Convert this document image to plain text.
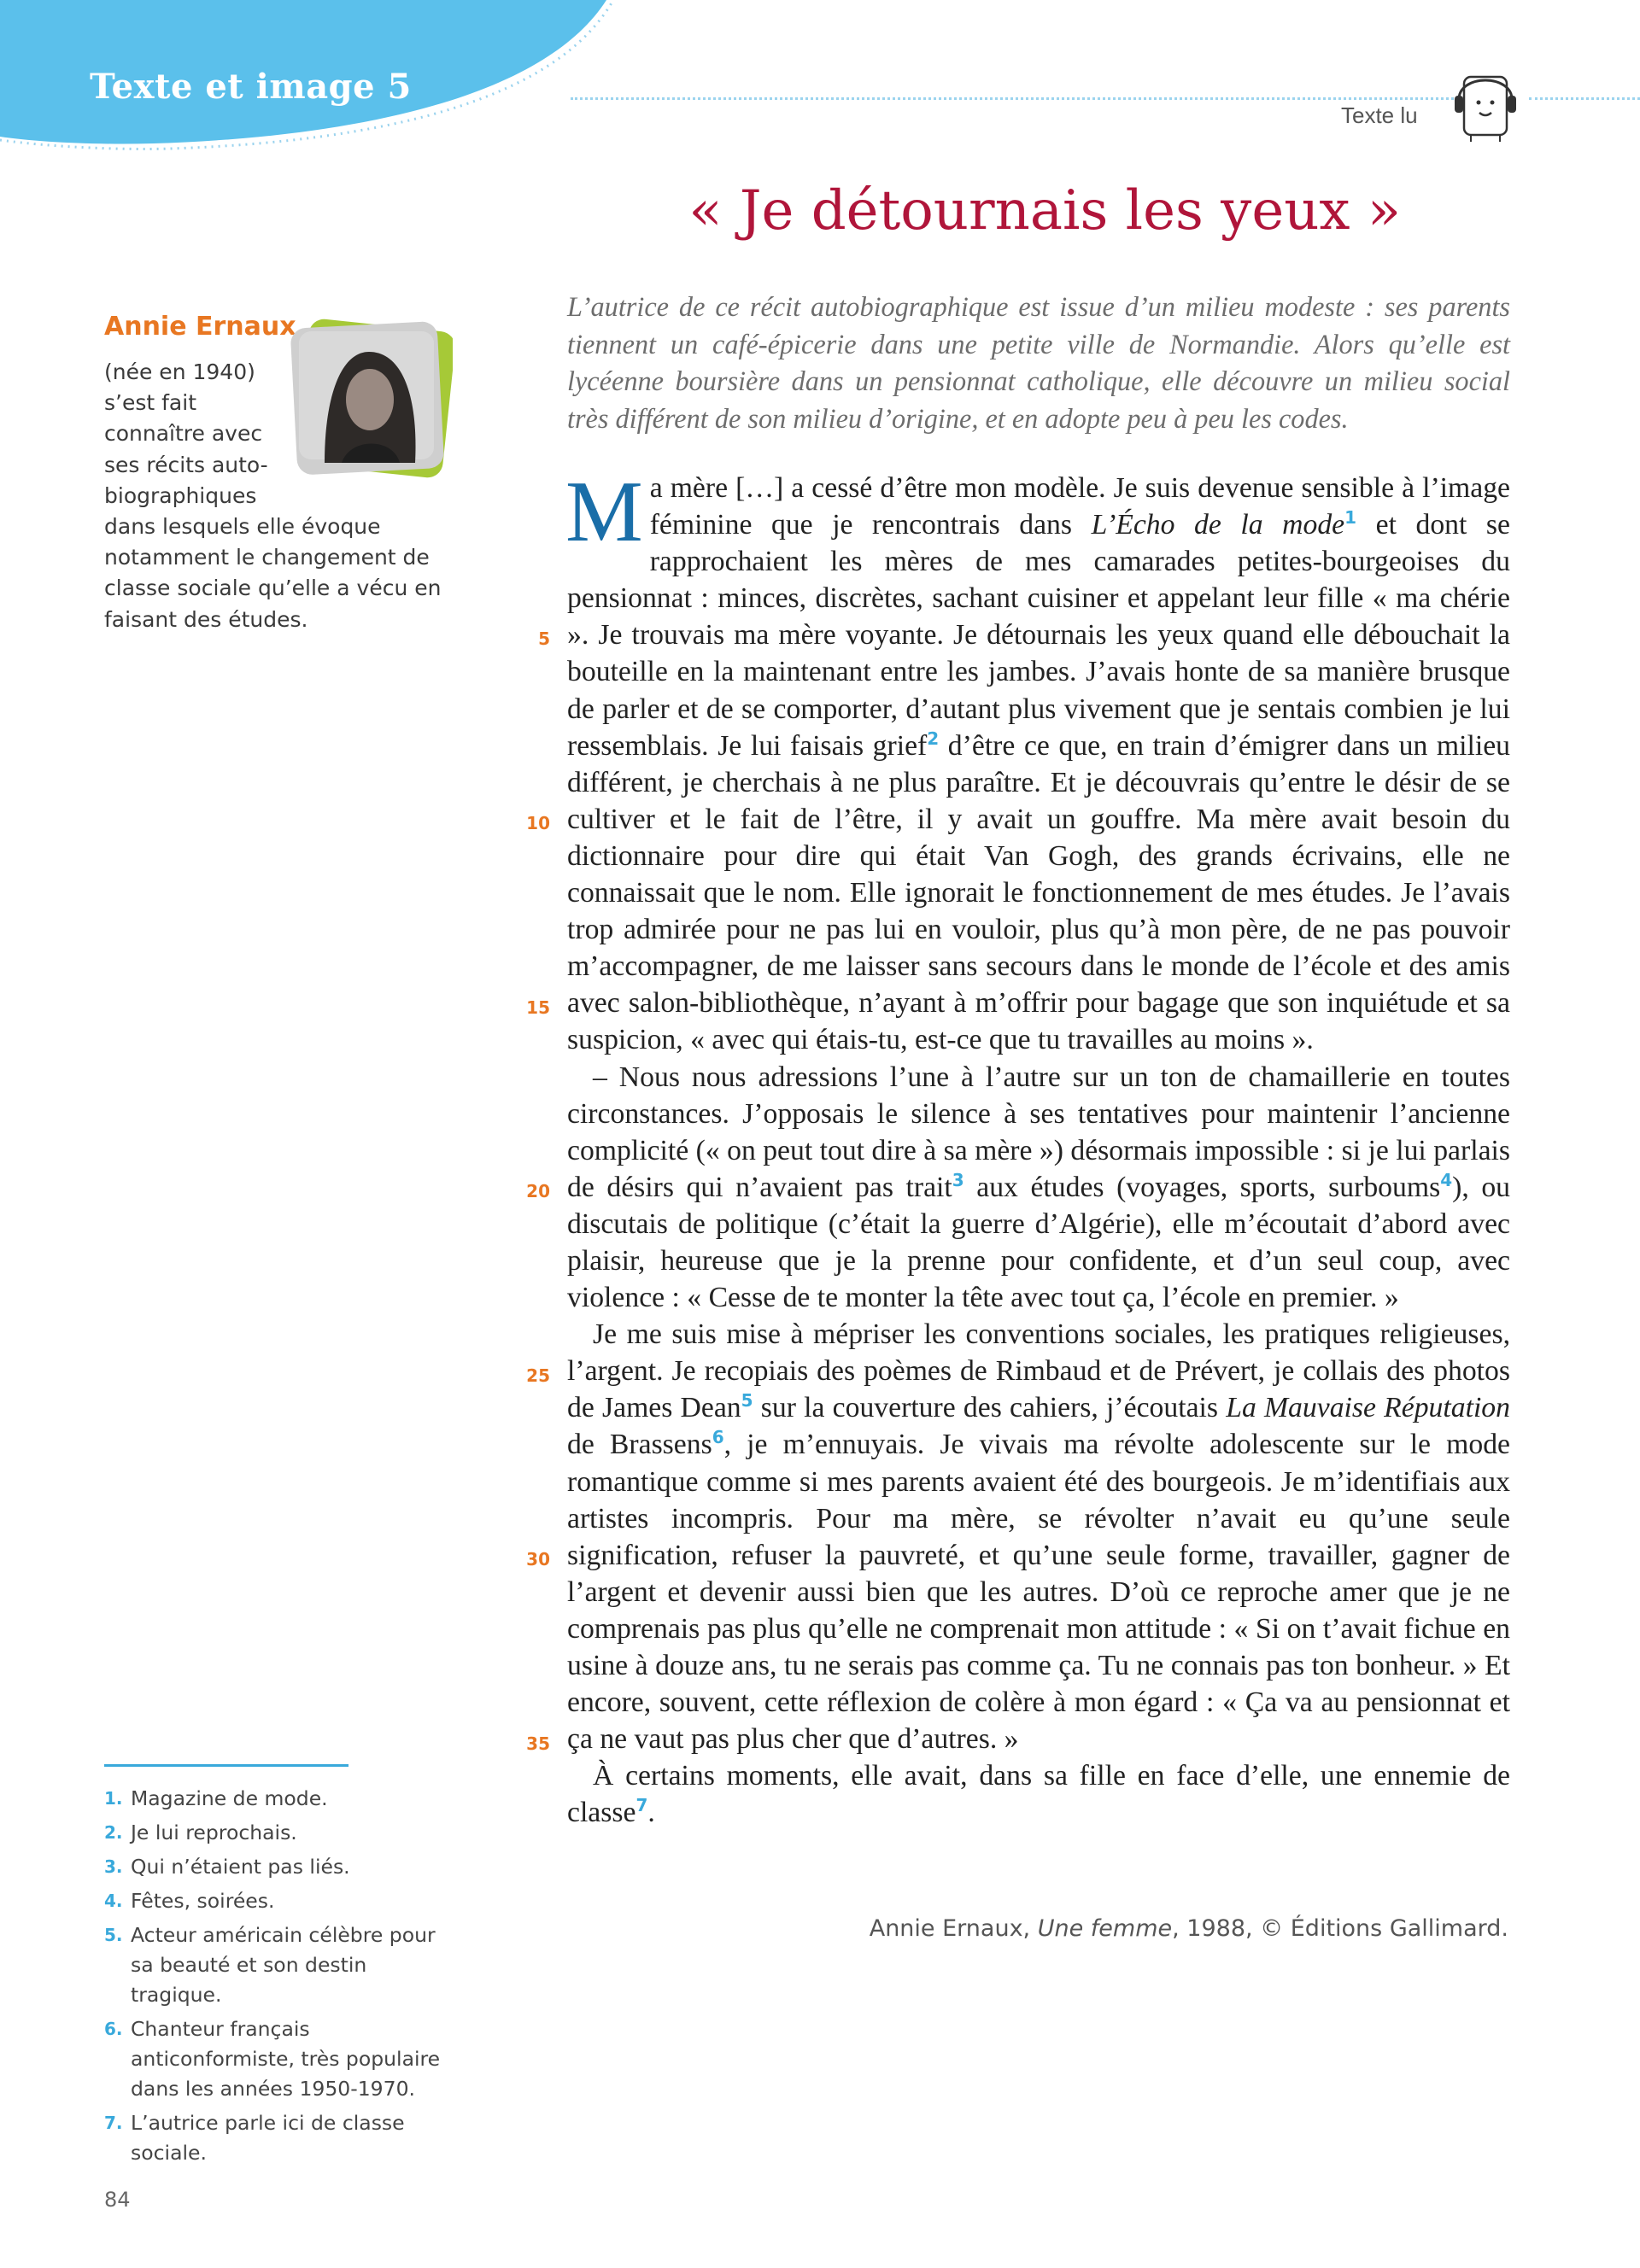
Texte et image 5
Texte lu
« Je détournais les yeux »
Annie Ernaux

(née en 1940)
s’est fait
connaître avec
ses récits auto-
biographiques
dans lesquels elle évoque notamment le changement de classe sociale qu’elle a vécu en faisant des études.

L’autrice de ce récit autobiographique est issue d’un milieu modeste : ses parents tiennent un café-épicerie dans une petite ville de Normandie. Alors qu’elle est lycéenne boursière dans un pensionnat catholique, elle découvre un milieu social très différent de son milieu d’origine, et en adopte peu à peu les codes.

5
10
15
20
25
30
35

Ma mère […] a cessé d’être mon modèle. Je suis devenue sensible à l’image féminine que je rencontrais dans L’Écho de la mode$^1$ et dont se rapprochaient les mères de mes camarades petites-bourgeoises du pensionnat : minces, discrètes, sachant cuisiner et appelant leur fille « ma chérie ». Je trouvais ma mère voyante. Je détournais les yeux quand elle débouchait la bouteille en la maintenant entre les jambes. J’avais honte de sa manière brusque de parler et de se comporter, d’autant plus vivement que je sentais combien je lui ressemblais. Je lui faisais grief$^2$ d’être ce que, en train d’émigrer dans un milieu différent, je cherchais à ne plus paraître. Et je découvrais qu’entre le désir de se cultiver et le fait de l’être, il y avait un gouffre. Ma mère avait besoin du dictionnaire pour dire qui était Van Gogh, des grands écrivains, elle ne connaissait que le nom. Elle ignorait le fonctionnement de mes études. Je l’avais trop admirée pour ne pas lui en vouloir, plus qu’à mon père, de ne pas pouvoir m’accompagner, de me laisser sans secours dans le monde de l’école et des amis avec salon-bibliothèque, n’ayant à m’offrir pour bagage que son inquiétude et sa suspicion, « avec qui étais-tu, est-ce que tu travailles au moins ».

– Nous nous adressions l’une à l’autre sur un ton de chamaillerie en toutes circonstances. J’opposais le silence à ses tentatives pour maintenir l’ancienne complicité (« on peut tout dire à sa mère ») désormais impossible : si je lui parlais de désirs qui n’avaient pas trait$^3$ aux études (voyages, sports, surboums$^4$), ou discutais de politique (c’était la guerre d’Algérie), elle m’écoutait d’abord avec plaisir, heureuse que je la prenne pour confidente, et d’un seul coup, avec violence : « Cesse de te monter la tête avec tout ça, l’école en premier. »

Je me suis mise à mépriser les conventions sociales, les pratiques religieuses, l’argent. Je recopiais des poèmes de Rimbaud et de Prévert, je collais des photos de James Dean$^5$ sur la couverture des cahiers, j’écoutais La Mauvaise Réputation de Brassens$^6$, je m’ennuyais. Je vivais ma révolte adolescente sur le mode romantique comme si mes parents avaient été des bourgeois. Je m’identifiais aux artistes incompris. Pour ma mère, se révolter n’avait eu qu’une seule signification, refuser la pauvreté, et qu’une seule forme, travailler, gagner de l’argent et devenir aussi bien que les autres. D’où ce reproche amer que je ne comprenais pas plus qu’elle ne comprenait mon attitude : « Si on t’avait fichue en usine à douze ans, tu ne serais pas comme ça. Tu ne connais pas ton bonheur. » Et encore, souvent, cette réflexion de colère à mon égard : « Ça va au pensionnat et ça ne vaut pas plus cher que d’autres. »

À certains moments, elle avait, dans sa fille en face d’elle, une ennemie de classe$^7$.

Annie Ernaux, Une femme, 1988, © Éditions Gallimard.

1. Magazine de mode.
2. Je lui reprochais.
3. Qui n’étaient pas liés.
4. Fêtes, soirées.
5. Acteur américain célèbre pour sa beauté et son destin tragique.
6. Chanteur français anticonformiste, très populaire dans les années 1950-1970.
7. L’autrice parle ici de classe sociale.

84
